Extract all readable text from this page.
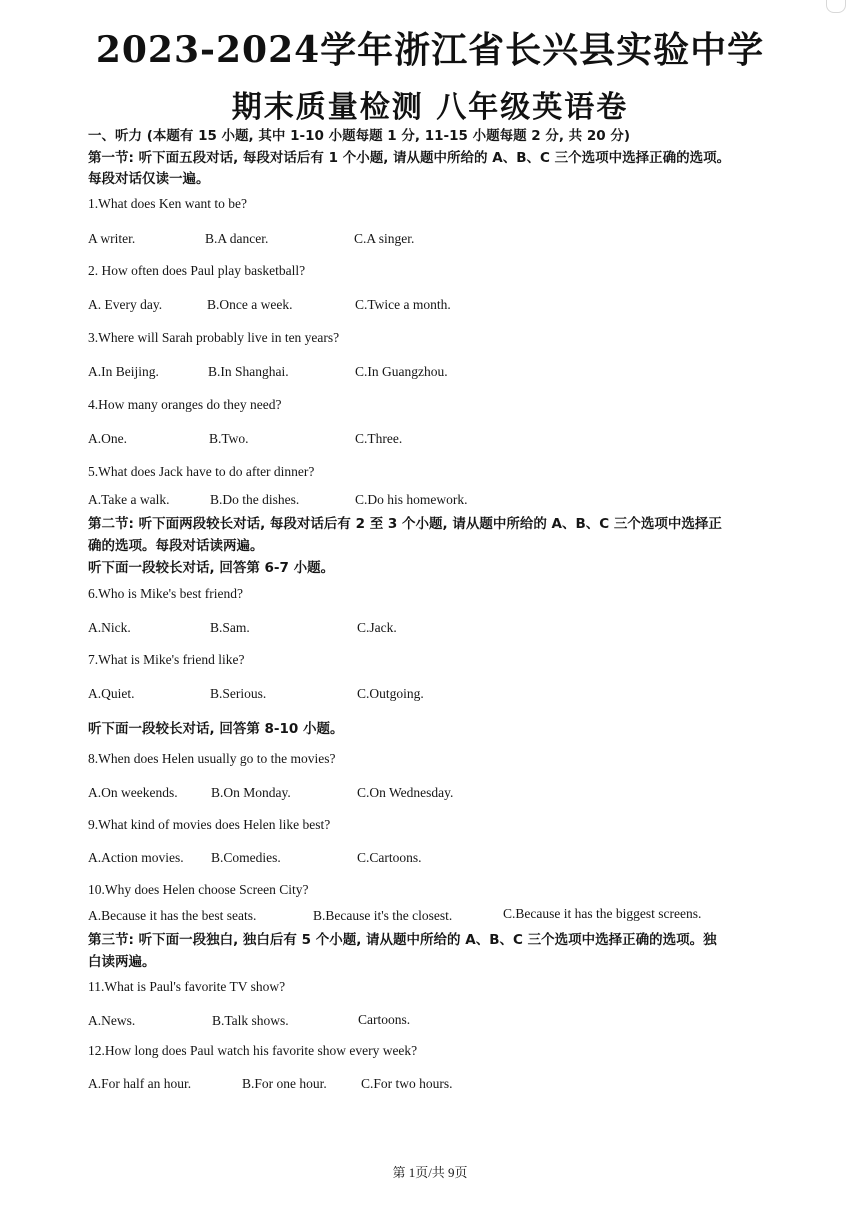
2023-2024学年浙江省长兴县实验中学
期末质量检测 八年级英语卷
一、听力 (本题有 15 小题, 其中 1-10 小题每题 1 分, 11-15 小题每题 2 分, 共 20 分)
第一节: 听下面五段对话, 每段对话后有 1 个小题, 请从题中所给的 A、B、C 三个选项中选择正确的选项。
每段对话仅读一遍。
1.What does Ken want to be?
A writer.	B.A dancer.	C.A singer.
2. How often does Paul play basketball?
A. Every day.	B.Once a week.	C.Twice a month.
3.Where will Sarah probably live in ten years?
A.In Beijing.	B.In Shanghai.	C.In Guangzhou.
4.How many oranges do they need?
A.One.	B.Two.	C.Three.
5.What does Jack have to do after dinner?
A.Take a walk.	B.Do the dishes.	C.Do his homework.
第二节: 听下面两段较长对话, 每段对话后有 2 至 3 个小题, 请从题中所给的 A、B、C 三个选项中选择正
确的选项。每段对话读两遍。
听下面一段较长对话, 回答第 6-7 小题。
6.Who is Mike's best friend?
A.Nick.	B.Sam.	C.Jack.
7.What is Mike's friend like?
A.Quiet.	B.Serious.	C.Outgoing.
听下面一段较长对话, 回答第 8-10 小题。
8.When does Helen usually go to the movies?
A.On weekends. B.On Monday.	C.On Wednesday.
9.What kind of movies does Helen like best?
A.Action movies. B.Comedies.	C.Cartoons.
10.Why does Helen choose Screen City?
A.Because it has the best seats.	B.Because it's the closest.	C.Because it has the biggest screens.
第三节: 听下面一段独白, 独白后有 5 个小题, 请从题中所给的 A、B、C 三个选项中选择正确的选项。独
白读两遍。
11.What is Paul's favorite TV show?
A.News.	B.Talk shows.	Cartoons.
12.How long does Paul watch his favorite show every week?
A.For half an hour.	B.For one hour.	C.For two hours.
第 1页/共 9页
